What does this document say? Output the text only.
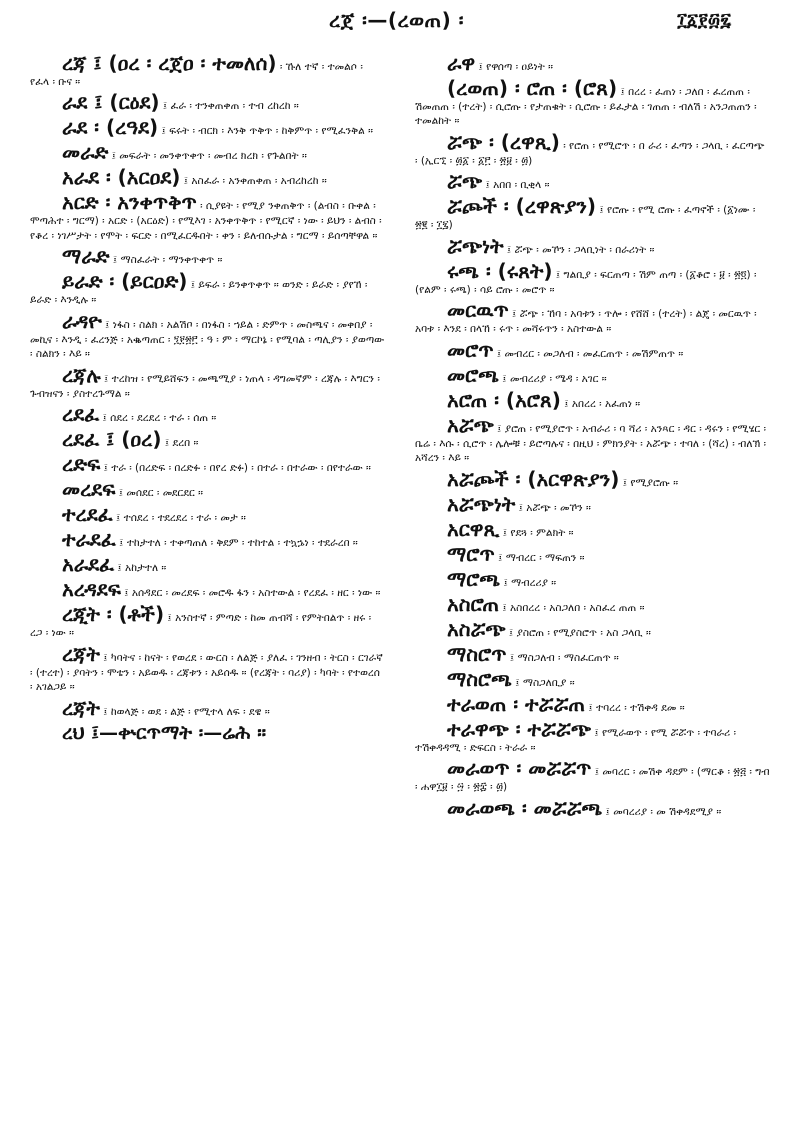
ረጀ ፡—(ረወጠ) ፡	፲፩፻፴፯
ረጃ ፤ (ዐረ ፡ ረጀዐ ፡ ተመለሰ) ፡ ኹለ ተኛ ፡ ተመልሶ ፡ የፈላ ፡ ቡና ።
ራደ ፤ (ርዕደ) ፤ ፈራ ፡ ተንቀጠቀጠ ፡ ተብ ረከረከ ።
ራደ ፡ (ረዓደ) ፤ ፍሩት ፡ ብርክ ፡ እንቅ ጥቅጥ ፡ ከቅምጥ ፡ የሚፈንቅል ።
መራድ ፤ መፍራት ፡ መንቀጥቀጥ ፡ መብረ ክረክ ፡ የጉልበት ።
አራደ ፡ (አርዐደ) ፤ አስፈራ ፡ አንቀጠቀጠ ፡ አብረከረከ ።
አርድ ፡ አንቀጥቅጥ ፡ ሲያዩት ፡ የሚያ ንቀጠቅጥ ፡ (ልብስ ፡ ቡቀል ፡ ሞጣሕተ ፡ ግርማ) ፡ አርድ ፡ (አርዕድ) ፡ የሚእገ ፡ አንቀጥቅጥ ፡ የሚርኛ ፡ ነው ፡ ይህን ፡ ልብስ ፡ የቆረ ፡ ነገሥታት ፡ የሞት ፡ ፍርድ ፡ በሚፈርዱበት ፡ ቀን ፡ ይለብሱታል ፡ ግርማ ፡ ይሰጣቸዋል ።
ማራድ ፤ ማስፈራት ፡ ማንቀጥቀጥ ።
ይራድ ፡ (ይርዐድ) ፤ ይፍራ ፡ ይንቀጥቀጥ ። ወንድ ፡ ይራድ ፡ ያየኸ ፡ ይራድ ፡ እንዲሉ ።
ራዳዮ ፤ ነፋስ ፡ ስልክ ፡ አልሽቦ ፡ በነፋስ ፡ ኀይል ፡ ድምጥ ፡ መስጫና ፡ መቀበያ ፡ መኪና ፡ እንዲ ፡ ፈረንጅ ፡ አቈጣጠር ፡ ፺፻፳፫ ፡ ዓ ፡ ም ፡ ማርኮኔ ፡ የሚባል ፡ ጣሊያን ፡ ያወጣው ፡ ስልክን ፡ እይ ።
ረጃሉ ፤ ተረከዝ ፡ የሚይሸፍን ፡ መጫሚያ ፡ ነጠላ ፡ ዳግመኛም ፡ ረጃሉ ፡ እግርን ፡ ጉብዝናን ፡ ያስተረጉማል ።
ረደፈ ፤ ሰደረ ፡ ደረደረ ፡ ተራ ፡ ሰጠ ።
ረደፈ ፤ (ዐረ) ፤ ደረበ ።
ረድፍ ፤ ተራ ፡ (በረድፍ ፡ በረድፉ ፡ በየረ ድፉ) ፡ በተራ ፡ በተራው ፡ በየተራው ።
መረደፍ ፤ መሰደር ፡ መደርደር ።
ተረደፈ ፤ ተሰደረ ፡ ተደረደረ ፡ ተራ ፡ መታ ።
ተራደፈ ፤ ተከታተለ ፡ ተቀጣጠለ ፡ ቅደም ፡ ተከተል ፡ ተኳኌነ ፡ ተደራረበ ።
አራደፈ ፤ አከታተለ ።
አረዳደፍ ፤ አሰዳደር ፡ መረደፍ ፡ መሮዱ ፋን ፡ አስተውል ፡ የረደፈ ፡ ዘር ፡ ነው ።
ረጂት ፡ (ቶች) ፤ አንስተኛ ፡ ምጣድ ፡ ከመ ጠብሻ ፡ የምትበልጥ ፡ ዘሩ ፡ ረጋ ፡ ነው ።
ረጃት ፤ ካባትና ፡ ከናት ፡ የወረደ ፡ ውርስ ፡ ለልጅ ፡ ያለፈ ፡ ገንዘብ ፡ ትርስ ፡ ርገራኛ ፡ (ተረተ) ፡ ያባትን ፡ ሞቴን ፡ አይወዱ ፡ ረጃቱን ፡ አይሰዱ ። (የረጃት ፡ ባሪያ) ፡ ካባት ፡ የተወረሰ ፡ አገልጋይ ።
ረጃት ፤ ከወላጅ ፡ ወደ ፡ ልጅ ፡ የሚተላ ለፍ ፡ ደዌ ።
ረህ ፤—ቍርጥማት ፡—ሬሕ ።
ራዋ ፤ የዋሰጣ ፡ ዐይነት ።
(ረወጠ) ፡ ሮጠ ፡ (ሮጸ) ፤ በረረ ፡ ፈጠነ ፡ ጋለበ ፡ ፈረጠጠ ፡ ሽመጠጠ ፡ (ተረት) ፡ ሲሮጡ ፡ የታጠቁት ፡ ሲሮጡ ፡ ይፈታል ፡ ገጠጠ ፡ ብለሽ ፡ አንጋጠጠን ፡ ተመልከት ።
ሯጭ ፡ (ረዋጺ) ፡ የሮጠ ፡ የሚሮጥ ፡ በ ራሪ ፡ ፈጣን ፡ ጋላቢ ፡ ፈርጣጭ ፡ (ኢርኚ ፡ ፴፩ ፡ ፩፫ ፡ ፳፱ ፡ ፴)
ሯጭ ፤ አበበ ፡ ቢቂላ ።
ሯጮች ፡ (ረዋጽያን) ፤ የሮጡ ፡ የሚ ሮጡ ፡ ፈጣኖች ፡ (፩ነሙ ፡ ፳፪ ፡ ፲፯)
ሯጭነት ፤ ሯጭ ፡ መኾን ፡ ጋላቢነት ፡ በራሪነት ።
ሩጫ ፡ (ሩጸት) ፤ ግልቢያ ፡ ፍርጠጣ ፡ ሽም ጠጣ ፡ (፩ቆሮ ፡ ፱ ፡ ፳፬) ፡ (የልም ፡ ሩጫ) ፡ ሳይ ሮጡ ፡ መሮጥ ።
መርዉጥ ፤ ሯጭ ፡ ኸባ ፡ አባቱን ፡ ጥሎ ፡ የሸሸ ፡ (ተረት) ፡ ልጄ ፡ መርዉጥ ፡ አባቱ ፡ እንደ ፡ በላኸ ፡ ሩጥ ፡ መሻሩጥን ፡ አስተውል ።
መሮጥ ፤ መብረር ፡ መጋለብ ፡ መፈርጠጥ ፡ መሽምጠጥ ።
መሮጫ ፤ መብረሪያ ፡ ሜዳ ፡ አገር ።
አሮጠ ፡ (አሮጸ) ፤ አበረረ ፡ አፈጠነ ።
አሯጭ ፤ ያሮጠ ፡ የሚያሮጥ ፡ አብራሪ ፡ ባ ሻሪ ፡ አንጻር ፡ ዳር ፡ ዳሩን ፡ የሚሄር ፡ ቤሬ ፡ እሱ ፡ ሲሮጥ ፡ ሌሎቹ ፡ ይሮጣሉና ፡ በዚህ ፡ ምክንያት ፡ አሯጭ ፡ ተባለ ፡ (ሻረ) ፡ ብለኽ ፡ አሻረን ፡ እይ ።
አሯጮች ፡ (አርዋጽያን) ፤ የሚያሮጡ ።
አሯጭነት ፤ አሯጭ ፡ መኾን ።
አርዋጺ ፤ የደጓ ፡ ምልክት ።
ማሮጥ ፤ ማብረር ፡ ማፍጠን ።
ማሮጫ ፤ ማብረሪያ ።
አስሮጠ ፤ አስበረረ ፡ አስጋለበ ፡ አስፈረ ጠጠ ።
አስሯጭ ፤ ያስሮጠ ፡ የሚያስሮጥ ፡ አስ ጋላቢ ።
ማስሮጥ ፤ ማስጋለብ ፡ ማስፈርጠጥ ።
ማስሮጫ ፤ ማስጋለቢያ ።
ተራወጠ ፡ ተሯሯጠ ፤ ተባረረ ፡ ተሽቀዳ ደመ ።
ተራዋጭ ፡ ተሯሯጭ ፤ የሚራወጥ ፡ የሚ ሯሯጥ ፡ ተባራሪ ፡ ተሽቀዳዳሚ ፡ ድፍርስ ፡ ትራራ ።
መራወጥ ፡ መሯሯጥ ፤ መባረር ፡ መሽቀ ዳደም ፡ (ማርቆ ፡ ፳፭ ፡ ግብ ፡ ሐዋ፲፱ ፡ ፵ ፡ ፳፰ ፡ ፴)
መራወጫ ፡ መሯሯጫ ፤ መባረሪያ ፡ መ ሽቀዳደሚያ ።
